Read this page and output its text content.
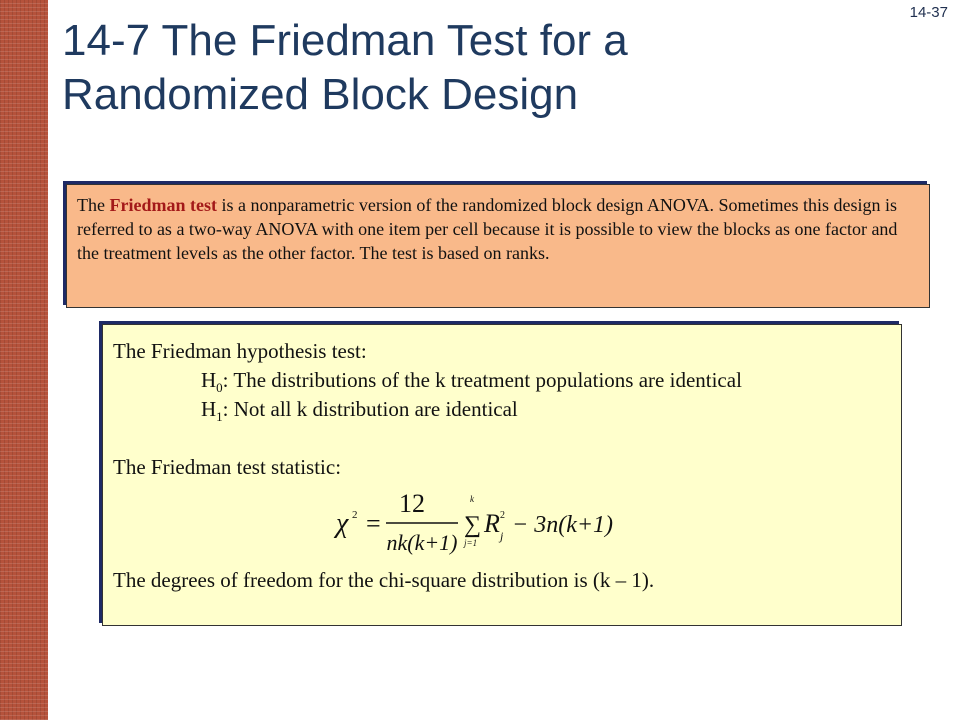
14-37
14-7 The Friedman Test for a
Randomized Block Design
The Friedman test is a nonparametric version of the randomized block design ANOVA. Sometimes this design is referred to as a two-way ANOVA with one item per cell because it is possible to view the blocks as one factor and the treatment levels as the other factor. The test is based on ranks.
The Friedman hypothesis test:
$H_0$: The distributions of the k treatment populations are identical
$H_1$: Not all k distribution are identical
The Friedman test statistic:
χ 2 =
12
nk(k+1)
k
∑
j=1
R 2
j − 3n(k+1)
The degrees of freedom for the chi-square distribution is (k – 1).
